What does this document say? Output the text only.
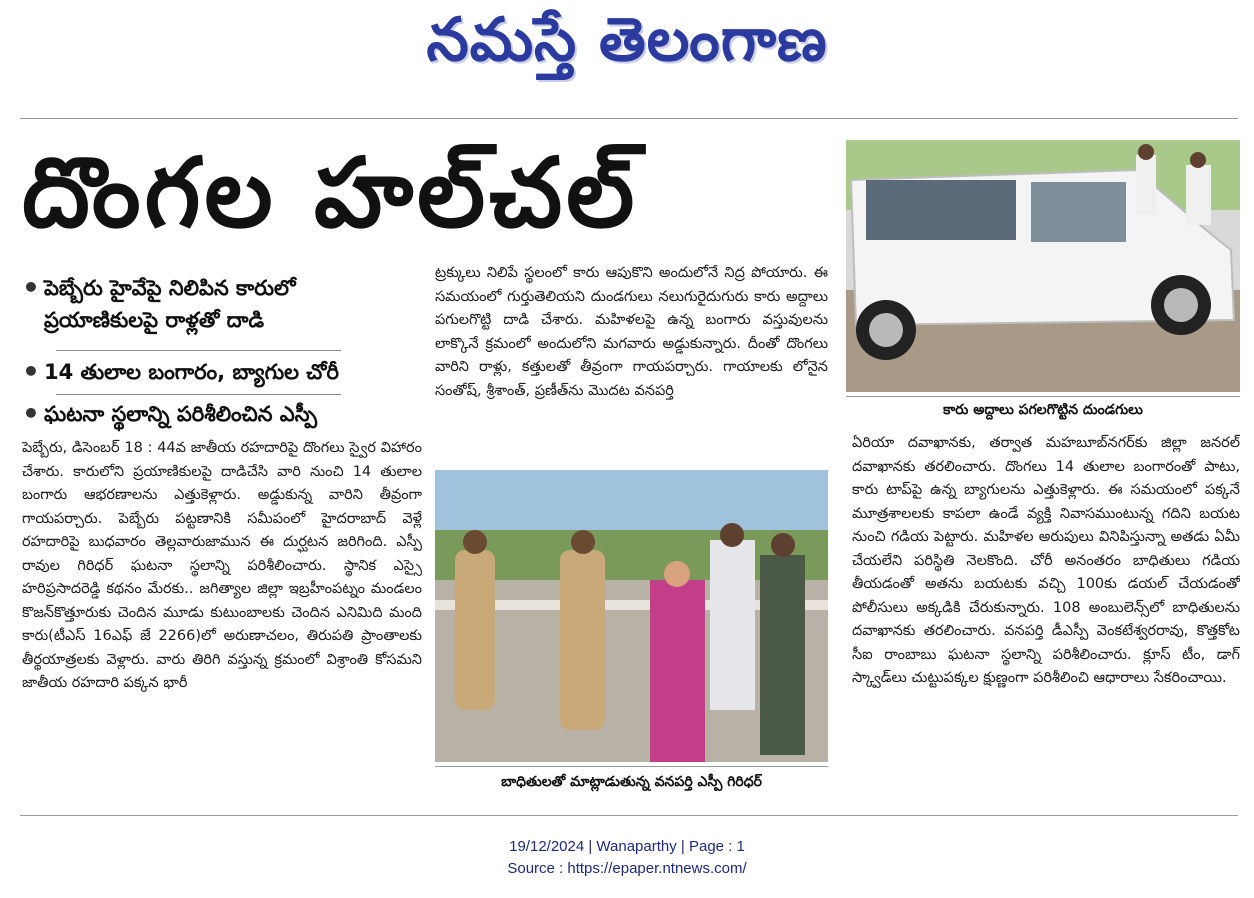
నమస్తే తెలంగాణ
దొంగల హల్‌చల్
• పెబ్బేరు హైవేపై నిలిపిన కారులో ప్రయాణికులపై రాళ్లతో దాడి
• 14 తులాల బంగారం, బ్యాగుల చోరీ
• ఘటనా స్థలాన్ని పరిశీలించిన ఎస్పీ
పెబ్బేరు, డిసెంబర్ 18 : 44వ జాతీయ రహదారిపై దొంగలు స్వైర విహారం చేశారు. కారులోని ప్రయాణికులపై దాడిచేసి వారి నుంచి 14 తులాల బంగారు ఆభరణాలను ఎత్తుకెళ్లారు. అడ్డుకున్న వారిని తీవ్రంగా గాయపర్చారు. పెబ్బేరు పట్టణానికి సమీపంలో హైదరాబాద్ వెళ్లే రహదారిపై బుధవారం తెల్లవారుజామున ఈ దుర్ఘటన జరిగింది. ఎస్పీ రావుల గిరిధర్ ఘటనా స్థలాన్ని పరిశీలించారు. స్థానిక ఎస్సై హరిప్రసాదరెడ్డి కథనం మేరకు.. జగిత్యాల జిల్లా ఇబ్రహీంపట్నం మండలం కొజన్‌కొత్తూరుకు చెందిన మూడు కుటుంబాలకు చెందిన ఎనిమిది మంది కారు(టీఎస్ 16ఎఫ్ జే 2266)లో అరుణాచలం, తిరుపతి ప్రాంతాలకు తీర్థయాత్రలకు వెళ్లారు. వారు తిరిగి వస్తున్న క్రమంలో విశ్రాంతి కోసమని జాతీయ రహదారి పక్కన భారీ
ట్రక్కులు నిలిపే స్థలంలో కారు ఆపుకొని అందులోనే నిద్ర పోయారు. ఈ సమయంలో గుర్తుతెలియని దుండగులు నలుగురైదుగురు కారు అద్దాలు పగులగొట్టి దాడి చేశారు. మహిళలపై ఉన్న బంగారు వస్తువులను లాక్కొనే క్రమంలో అందులోని మగవారు అడ్డుకున్నారు. దీంతో దొంగలు వారిని రాళ్లు, కత్తులతో తీవ్రంగా గాయపర్చారు. గాయాలకు లోనైన సంతోష్, శ్రీశాంత్, ప్రణీత్‌ను మొదట వనపర్తి
బాధితులతో మాట్లాడుతున్న వనపర్తి ఎస్పీ గిరిధర్
కారు అద్దాలు పగలగొట్టిన దుండగులు
ఏరియా దవాఖానకు, తర్వాత మహబూబ్‌నగర్‌కు జిల్లా జనరల్ దవాఖానకు తరలించారు. దొంగలు 14 తులాల బంగారంతో పాటు, కారు టాప్‌పై ఉన్న బ్యాగులను ఎత్తుకెళ్లారు. ఈ సమయంలో పక్కనే మూత్రశాలలకు కాపలా ఉండే వ్యక్తి నివాసముంటున్న గదిని బయట నుంచి గడియ పెట్టారు. మహిళల అరుపులు వినిపిస్తున్నా అతడు ఏమీ చేయలేని పరిస్థితి నెలకొంది. చోరీ అనంతరం బాధితులు గడియ తీయడంతో అతను బయటకు వచ్చి 100కు డయల్ చేయడంతో పోలీసులు అక్కడికి చేరుకున్నారు. 108 అంబులెన్స్‌లో బాధితులను దవాఖానకు తరలించారు. వనపర్తి డీఎస్పీ వెంకటేశ్వరరావు, కొత్తకోట సీఐ రాంబాబు ఘటనా స్థలాన్ని పరిశీలించారు. క్లూస్ టీం, డాగ్ స్క్వాడ్‌లు చుట్టుపక్కల క్షుణ్ణంగా పరిశీలించి ఆధారాలు సేకరించాయి.
19/12/2024 | Wanaparthy | Page : 1
Source : https://epaper.ntnews.com/
